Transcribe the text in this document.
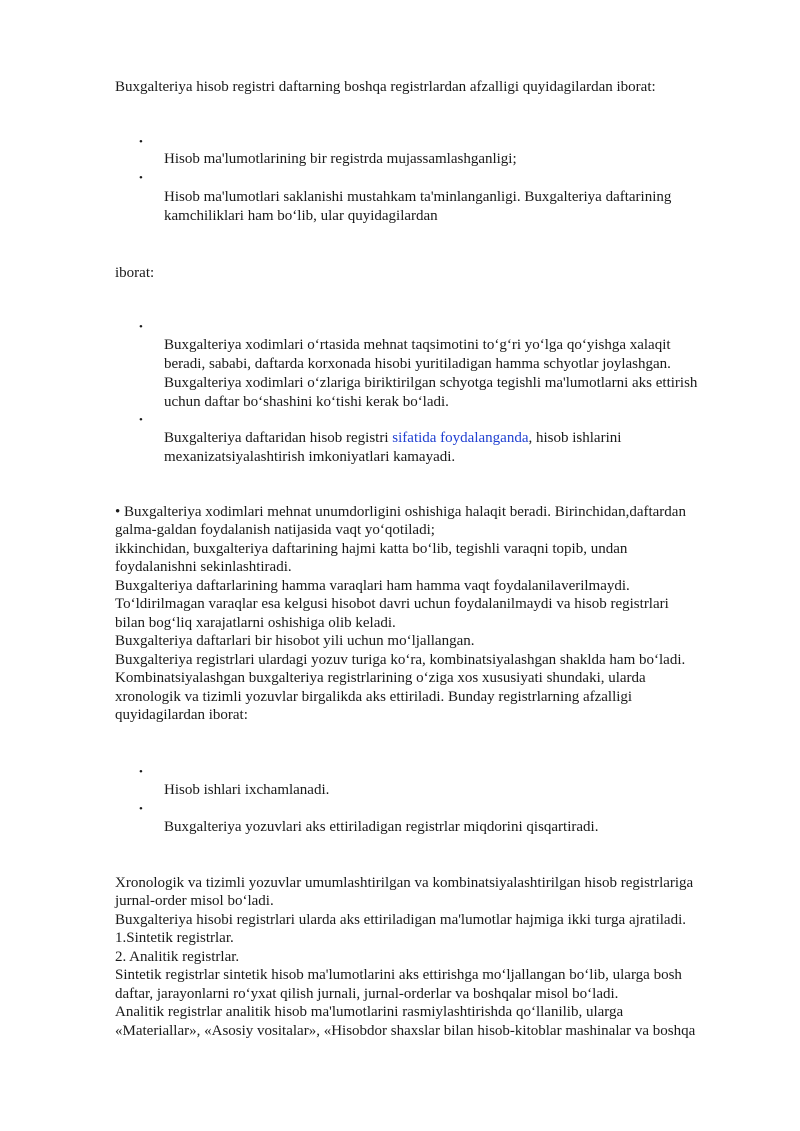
Buxgalteriya hisob registri daftarning boshqa registrlardan afzalligi quyidagilardan iborat:
•
Hisob ma'lumotlarining bir registrda mujassamlashganligi;
•
Hisob ma'lumotlari saklanishi mustahkam ta'minlanganligi. Buxgalteriya daftarining
kamchiliklari ham bo‘lib, ular quyidagilardan
iborat:
•
Buxgalteriya xodimlari o‘rtasida mehnat taqsimotini to‘g‘ri yo‘lga qo‘yishga xalaqit
beradi, sababi, daftarda korxonada hisobi yuritiladigan hamma schyotlar joylashgan.
Buxgalteriya xodimlari o‘zlariga biriktirilgan schyotga tegishli ma'lumotlarni aks ettirish
uchun daftar bo‘shashini ko‘tishi kerak bo‘ladi.
•
Buxgalteriya daftaridan hisob registri sifatida foydalanganda, hisob ishlarini
mexanizatsiyalashtirish imkoniyatlari kamayadi.
• Buxgalteriya xodimlari mehnat unumdorligini oshishiga halaqit beradi. Birinchidan,daftardan
galma-galdan foydalanish natijasida vaqt yo‘qotiladi;
ikkinchidan, buxgalteriya daftarining hajmi katta bo‘lib, tegishli varaqni topib, undan
foydalanishni sekinlashtiradi.
Buxgalteriya daftarlarining hamma varaqlari ham hamma vaqt foydalanilaverilmaydi.
To‘ldirilmagan varaqlar esa kelgusi hisobot davri uchun foydalanilmaydi va hisob registrlari
bilan bog‘liq xarajatlarni oshishiga olib keladi.
Buxgalteriya daftarlari bir hisobot yili uchun mo‘ljallangan.
Buxgalteriya registrlari ulardagi yozuv turiga ko‘ra, kombinatsiyalashgan shaklda ham bo‘ladi.
Kombinatsiyalashgan buxgalteriya registrlarining o‘ziga xos xususiyati shundaki, ularda
xronologik va tizimli yozuvlar birgalikda aks ettiriladi. Bunday registrlarning afzalligi
quyidagilardan iborat:
•
Hisob ishlari ixchamlanadi.
•
Buxgalteriya yozuvlari aks ettiriladigan registrlar miqdorini qisqartiradi.
Xronologik va tizimli yozuvlar umumlashtirilgan va kombinatsiyalashtirilgan hisob registrlariga
jurnal-order misol bo‘ladi.
Buxgalteriya hisobi registrlari ularda aks ettiriladigan ma'lumotlar hajmiga ikki turga ajratiladi.
1.Sintetik registrlar.
2. Analitik registrlar.
Sintetik registrlar sintetik hisob ma'lumotlarini aks ettirishga mo‘ljallangan bo‘lib, ularga bosh
daftar, jarayonlarni ro‘yxat qilish jurnali, jurnal-orderlar va boshqalar misol bo‘ladi.
Analitik registrlar analitik hisob ma'lumotlarini rasmiylashtirishda qo‘llanilib, ularga
«Materiallar», «Asosiy vositalar», «Hisobdor shaxslar bilan hisob-kitoblar mashinalar va boshqa
